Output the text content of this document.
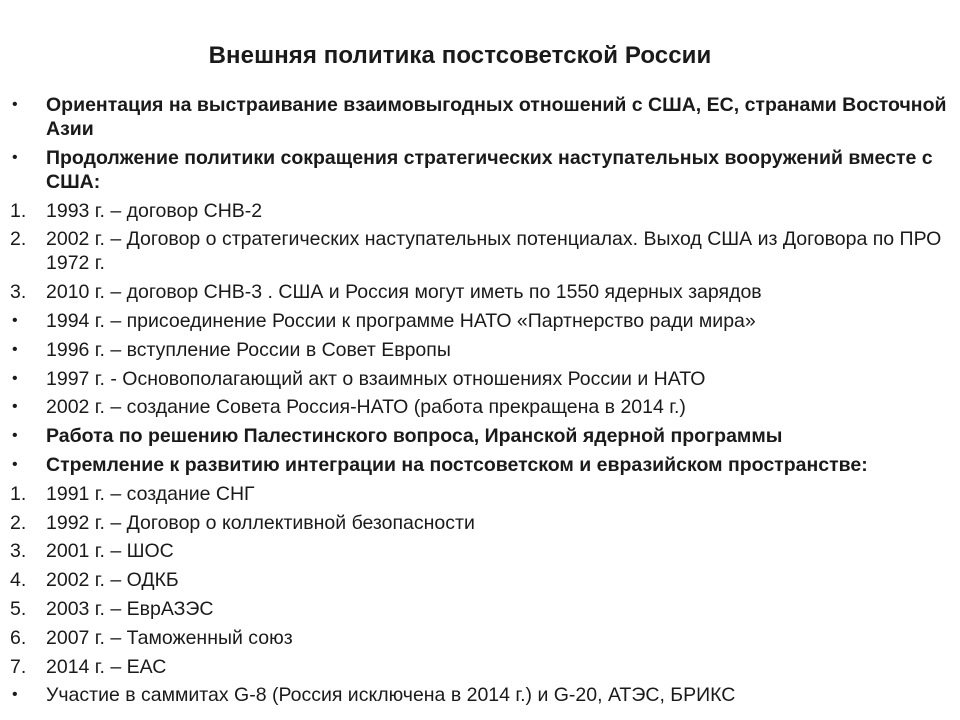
Внешняя политика постсоветской России
•	Ориентация на выстраивание взаимовыгодных отношений с США, ЕС, странами Восточной Азии
•	Продолжение политики сокращения стратегических наступательных вооружений вместе с США:
1.	1993 г. – договор СНВ-2
2.	2002 г. – Договор о стратегических наступательных потенциалах. Выход США из Договора по ПРО 1972 г.
3.	2010 г. – договор СНВ-3 . США и Россия могут иметь по 1550 ядерных зарядов
•	1994 г. – присоединение России к программе НАТО «Партнерство ради мира»
•	1996 г. – вступление России в Совет Европы
•	1997 г. - Основополагающий акт о взаимных отношениях России и НАТО
•	2002 г. – создание Совета Россия-НАТО (работа прекращена в 2014 г.)
•	Работа по решению Палестинского вопроса, Иранской ядерной программы
•	Стремление к развитию интеграции на постсоветском и евразийском пространстве:
1.	1991 г. – создание СНГ
2.	1992 г. – Договор о коллективной безопасности
3.	2001 г. – ШОС
4.	2002 г. – ОДКБ
5.	2003 г. – ЕврАЗЭС
6.	2007 г. – Таможенный союз
7.	2014 г. – ЕАС
•	Участие в саммитах G-8 (Россия исключена в 2014 г.) и G-20, АТЭС, БРИКС
